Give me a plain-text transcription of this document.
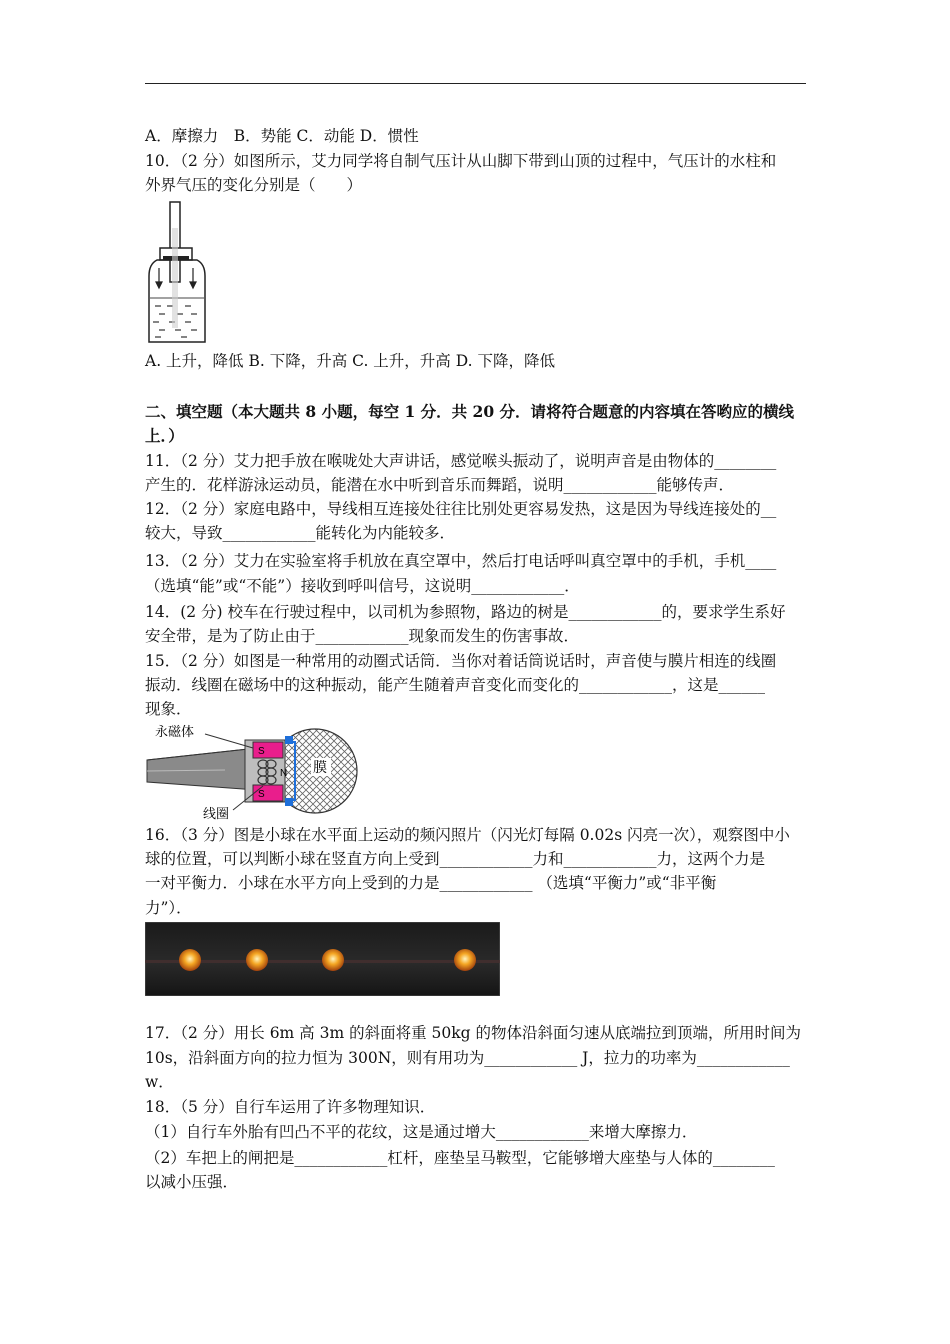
A．摩擦力　B．势能 C．动能 D．惯性
10．（2 分）如图所示，艾力同学将自制气压计从山脚下带到山顶的过程中，气压计的水柱和
外界气压的变化分别是（　　）
A. 上升，降低 B. 下降，升高 C. 上升，升高 D. 下降，降低
二、填空题（本大题共 8 小题，每空 1 分．共 20 分．请将符合题意的内容填在答哟应的横线
上．）
11．（2 分）艾力把手放在喉咙处大声讲话，感觉喉头振动了，说明声音是由物体的________
产生的．花样游泳运动员，能潜在水中听到音乐而舞蹈，说明____________能够传声．
12．（2 分）家庭电路中，导线相互连接处往往比别处更容易发热，这是因为导线连接处的__
较大，导致____________能转化为内能较多．
13．（2 分）艾力在实验室将手机放在真空罩中，然后打电话呼叫真空罩中的手机，手机____
（选填“能”或“不能”）接收到呼叫信号，这说明____________．
14．(2 分) 校车在行驶过程中，以司机为参照物，路边的树是____________的，要求学生系好
安全带，是为了防止由于____________现象而发生的伤害事故．
15．（2 分）如图是一种常用的动圈式话筒．当你对着话筒说话时，声音使与膜片相连的线圈
振动．线圈在磁场中的这种振动，能产生随着声音变化而变化的____________，这是______
现象．
S
S
N 膜
永磁体
线圈
16．（3 分）图是小球在水平面上运动的频闪照片（闪光灯每隔 0.02s 闪亮一次），观察图中小
球的位置，可以判断小球在竖直方向上受到____________力和____________力，这两个力是
一对平衡力．小球在水平方向上受到的力是____________ （选填“平衡力”或“非平衡
力”）．
17．（2 分）用长 6m 高 3m 的斜面将重 50kg 的物体沿斜面匀速从底端拉到顶端，所用时间为
10s，沿斜面方向的拉力恒为 300N，则有用功为____________ J，拉力的功率为____________
w．
18．（5 分）自行车运用了许多物理知识．
（1）自行车外胎有凹凸不平的花纹，这是通过增大____________来增大摩擦力．
（2）车把上的闸把是____________杠杆，座垫呈马鞍型，它能够增大座垫与人体的________
以减小压强．
